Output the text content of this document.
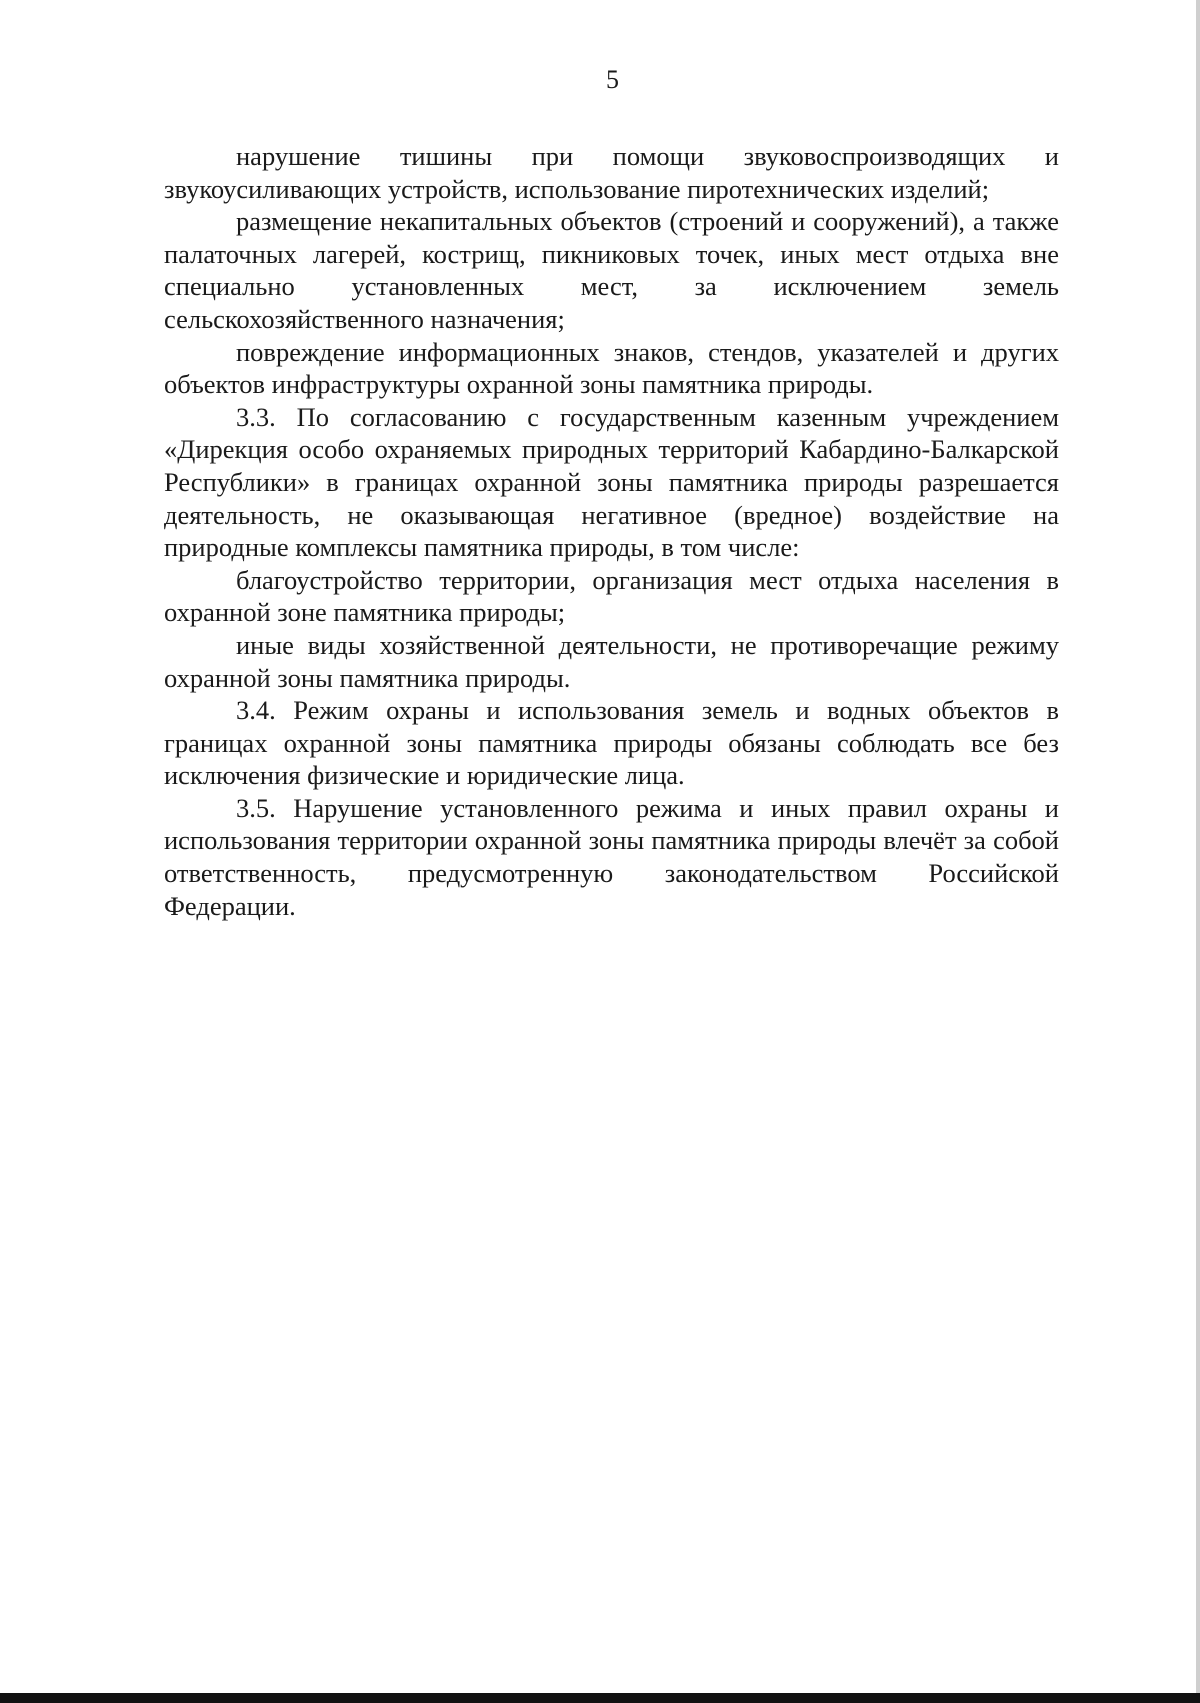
5

нарушение тишины при помощи звуковоспроизводящих и звукоусиливающих устройств, использование пиротехнических изделий;

размещение некапитальных объектов (строений и сооружений), а также палаточных лагерей, кострищ, пикниковых точек, иных мест отдыха вне специально установленных мест, за исключением земель сельскохозяйственного назначения;

повреждение информационных знаков, стендов, указателей и других объектов инфраструктуры охранной зоны памятника природы.

3.3. По согласованию с государственным казенным учреждением «Дирекция особо охраняемых природных территорий Кабардино-Балкарской Республики» в границах охранной зоны памятника природы разрешается деятельность, не оказывающая негативное (вредное) воздействие на природные комплексы памятника природы, в том числе:

благоустройство территории, организация мест отдыха населения в охранной зоне памятника природы;

иные виды хозяйственной деятельности, не противоречащие режиму охранной зоны памятника природы.

3.4. Режим охраны и использования земель и водных объектов в границах охранной зоны памятника природы обязаны соблюдать все без исключения физические и юридические лица.

3.5. Нарушение установленного режима и иных правил охраны и использования территории охранной зоны памятника природы влечёт за собой ответственность, предусмотренную законодательством Российской Федерации.
